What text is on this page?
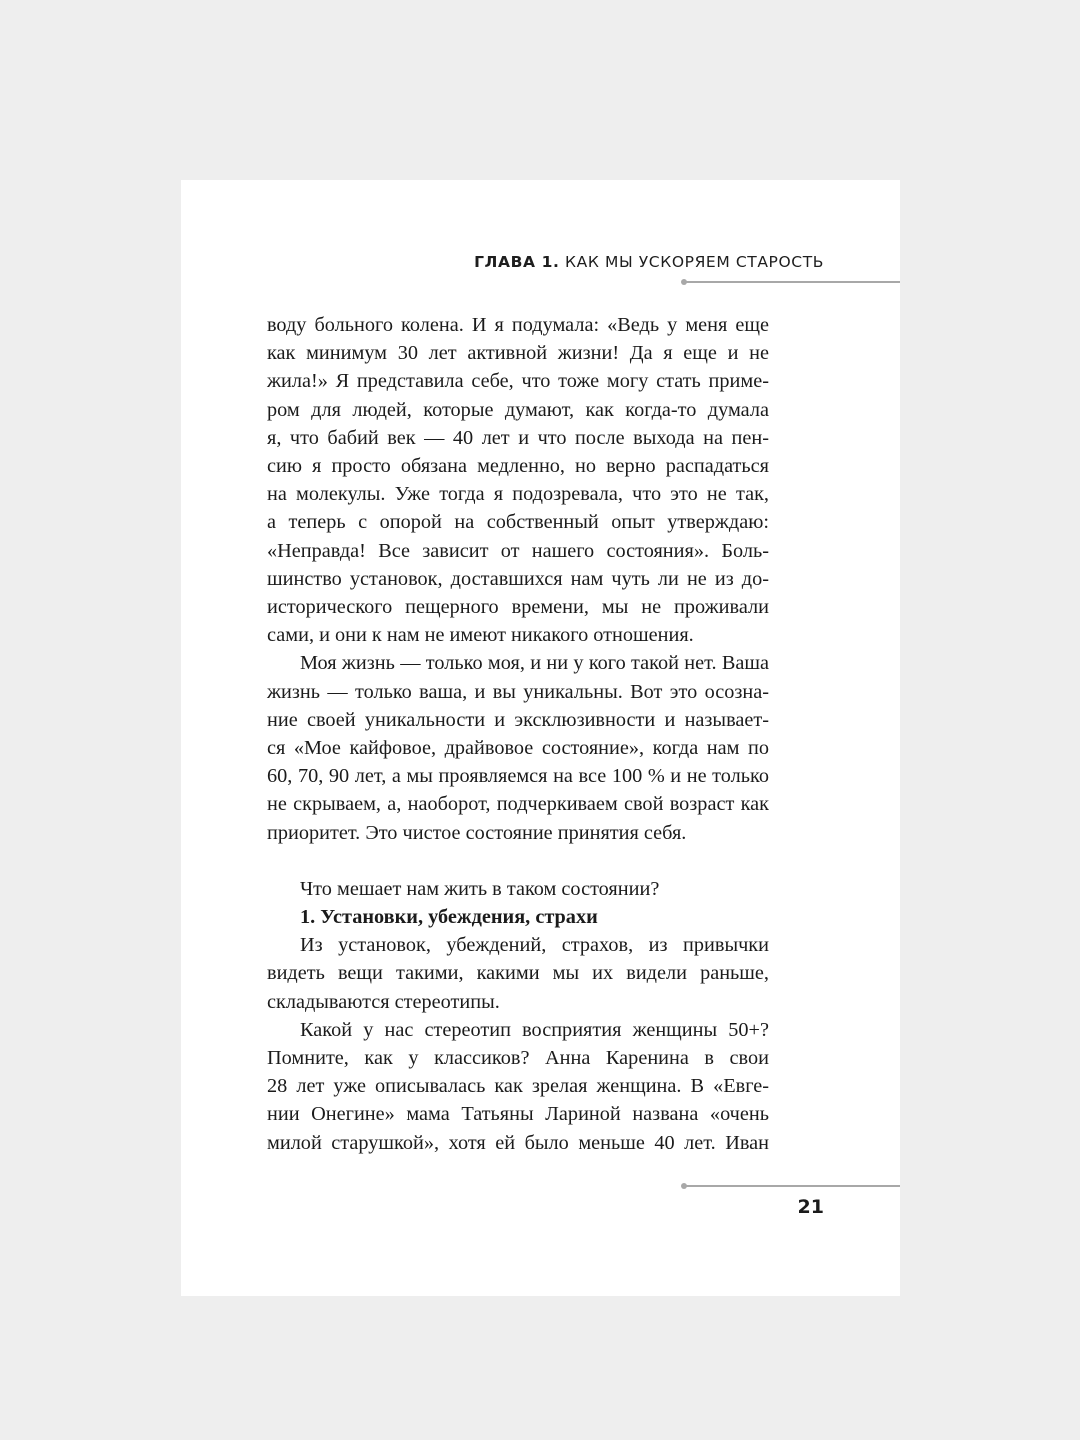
ГЛАВА 1. КАК МЫ УСКОРЯЕМ СТАРОСТЬ
воду больного колена. И я подумала: «Ведь у меня еще
как минимум 30 лет активной жизни! Да я еще и не
жила!» Я представила себе, что тоже могу стать приме-
ром для людей, которые думают, как когда-то думала
я, что бабий век — 40 лет и что после выхода на пен-
сию я просто обязана медленно, но верно распадаться
на молекулы. Уже тогда я подозревала, что это не так,
а теперь с опорой на собственный опыт утверждаю:
«Неправда! Все зависит от нашего состояния». Боль-
шинство установок, доставшихся нам чуть ли не из до-
исторического пещерного времени, мы не проживали
сами, и они к нам не имеют никакого отношения.
Моя жизнь — только моя, и ни у кого такой нет. Ваша
жизнь — только ваша, и вы уникальны. Вот это осозна-
ние своей уникальности и эксклюзивности и называет-
ся «Мое кайфовое, драйвовое состояние», когда нам по
60, 70, 90 лет, а мы проявляемся на все 100 % и не только
не скрываем, а, наоборот, подчеркиваем свой возраст как
приоритет. Это чистое состояние принятия себя.
Что мешает нам жить в таком состоянии?
1. Установки, убеждения, страхи
Из установок, убеждений, страхов, из привычки
видеть вещи такими, какими мы их видели раньше,
складываются стереотипы.
Какой у нас стереотип восприятия женщины 50+?
Помните, как у классиков? Анна Каренина в свои
28 лет уже описывалась как зрелая женщина. В «Евге-
нии Онегине» мама Татьяны Лариной названа «очень
милой старушкой», хотя ей было меньше 40 лет. Иван
21
